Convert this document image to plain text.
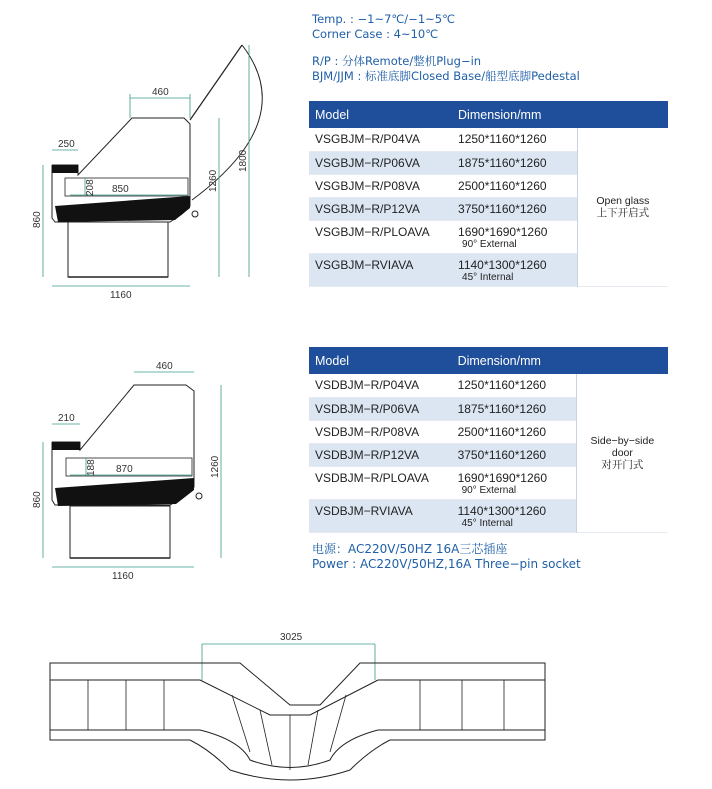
Temp. : −1~7℃/−1~5℃
Corner Case : 4~10℃
R/P : 分体Remote/整机Plug−in
BJM/JJM : 标准底脚Closed Base/船型底脚Pedestal
Model	Dimension/mm	
VSGBJM−R/P04VA	1250*1160*1260	Open glass
上下开启式
VSGBJM−R/P06VA	1875*1160*1260	
VSGBJM−R/P08VA	2500*1160*1260	
VSGBJM−R/P12VA	3750*1160*1260	
VSGBJM−R/PLOAVA	1690*1690*1260
90° External	

VSGBJM−RVIAVA	1140*1300*1260
45° Internal	
Model	Dimension/mm	
VSDBJM−R/P04VA	1250*1160*1260	Side−by−side
door
对开门式
VSDBJM−R/P06VA	1875*1160*1260	
VSDBJM−R/P08VA	2500*1160*1260	
VSDBJM−R/P12VA	3750*1160*1260	
VSDBJM−R/PLOAVA	1690*1690*1260
90° External	

VSDBJM−RVIAVA	1140*1300*1260
45° Internal	
电源：AC220V/50HZ 16A三芯插座
Power : AC220V/50HZ,16A Three−pin socket
460
250
850
208
860
1260
1800
1160
460
210
870
188
860
1260
1160
3025
